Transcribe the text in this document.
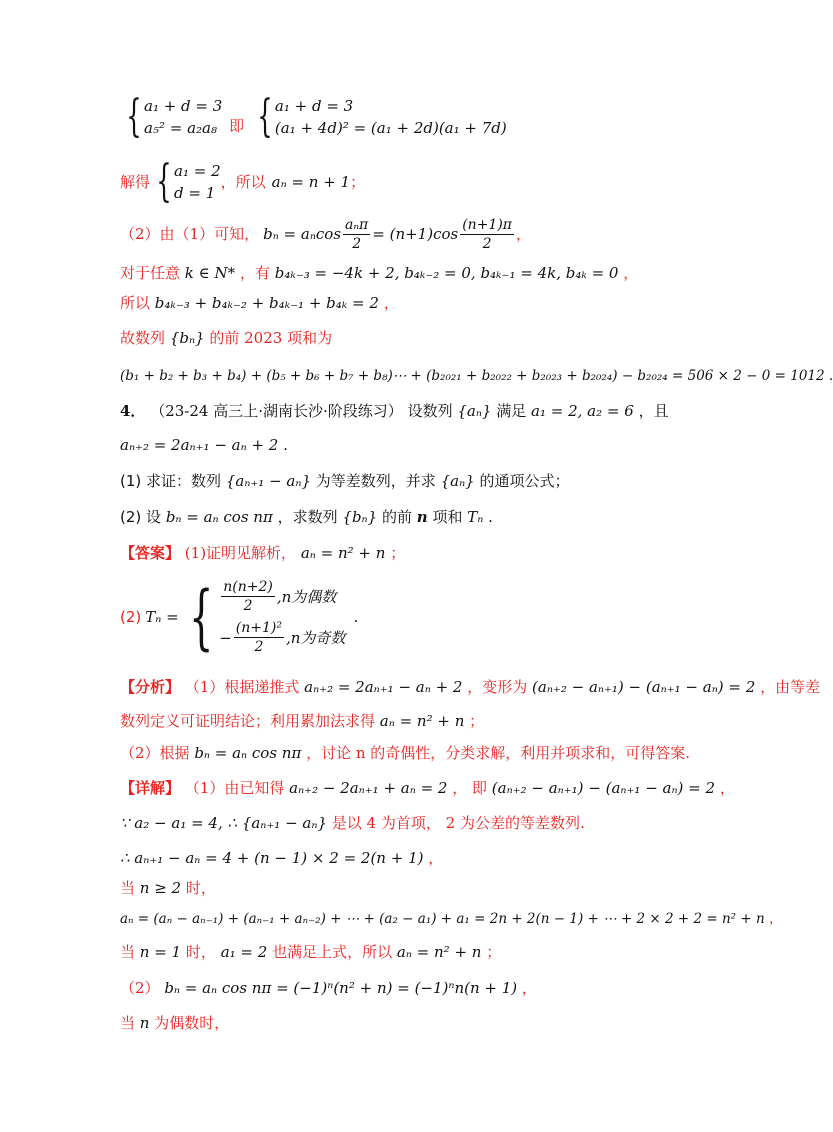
{ a₁ + d = 3
a₅² = a₂a₈ 即 { a₁ + d = 3
(a₁ + 4d)² = (a₁ + 2d)(a₁ + 7d)
解得 { a₁ = 2
d = 1
，所以 aₙ = n + 1 ；
（2）由（1）可知， bₙ = aₙcos $\frac{\text{aₙπ}}{2} = (n+1)\cos \frac{(n+1)\pi}{2}$ ，
对于任意 k ∈ N* ，有 b₄ₖ₋₃ = −4k + 2, b₄ₖ₋₂ = 0, b₄ₖ₋₁ = 4k, b₄ₖ = 0 ，
所以 b₄ₖ₋₃ + b₄ₖ₋₂ + b₄ₖ₋₁ + b₄ₖ = 2 ，
故数列 {bₙ} 的前 2023 项和为
(b₁ + b₂ + b₃ + b₄) + (b₅ + b₆ + b₇ + b₈)⋯ + (b₂₀₂₁ + b₂₀₂₂ + b₂₀₂₃ + b₂₀₂₄) − b₂₀₂₄ = 506 × 2 − 0 = 1012 .
4． （23-24 高三上·湖南长沙·阶段练习） 设数列 {aₙ} 满足 a₁ = 2, a₂ = 6 ，且
aₙ₊₂ = 2aₙ₊₁ − aₙ + 2 .
(1) 求证：数列 {aₙ₊₁ − aₙ} 为等差数列，并求 {aₙ} 的通项公式；
(2) 设 bₙ = aₙ cos nπ ，求数列 {bₙ} 的前 n 项和 Tₙ .
【答案】 (1)证明见解析， aₙ = n² + n ；
(2) Tₙ = { $\frac{n(n+2)}{2} ,n$为偶数
− $\frac{\text{(n+1)²}}{2} ,n$为奇数
.
【分析】 （1）根据递推式 aₙ₊₂ = 2aₙ₊₁ − aₙ + 2 ，变形为 (aₙ₊₂ − aₙ₊₁) − (aₙ₊₁ − aₙ) = 2 ，由等差
数列定义可证明结论；利用累加法求得 aₙ = n² + n ；
（2）根据 bₙ = aₙ cos nπ ，讨论 n 的奇偶性，分类求解，利用并项求和，可得答案.
【详解】 （1）由已知得 aₙ₊₂ − 2aₙ₊₁ + aₙ = 2 ， 即 (aₙ₊₂ − aₙ₊₁) − (aₙ₊₁ − aₙ) = 2 ，
∵ a₂ − a₁ = 4, ∴ {aₙ₊₁ − aₙ} 是以 4 为首项， 2 为公差的等差数列.
∴ aₙ₊₁ − aₙ = 4 + (n − 1) × 2 = 2(n + 1) ，
当 n ≥ 2 时，
aₙ = (aₙ − aₙ₋₁) + (aₙ₋₁ + aₙ₋₂) + ⋯ + (a₂ − a₁) + a₁ = 2n + 2(n − 1) + ⋯ + 2 × 2 + 2 = n² + n ，
当 n = 1 时， a₁ = 2 也满足上式，所以 aₙ = n² + n ；
（2） bₙ = aₙ cos nπ = (−1)ⁿ(n² + n) = (−1)ⁿn(n + 1) ，
当 n 为偶数时，
